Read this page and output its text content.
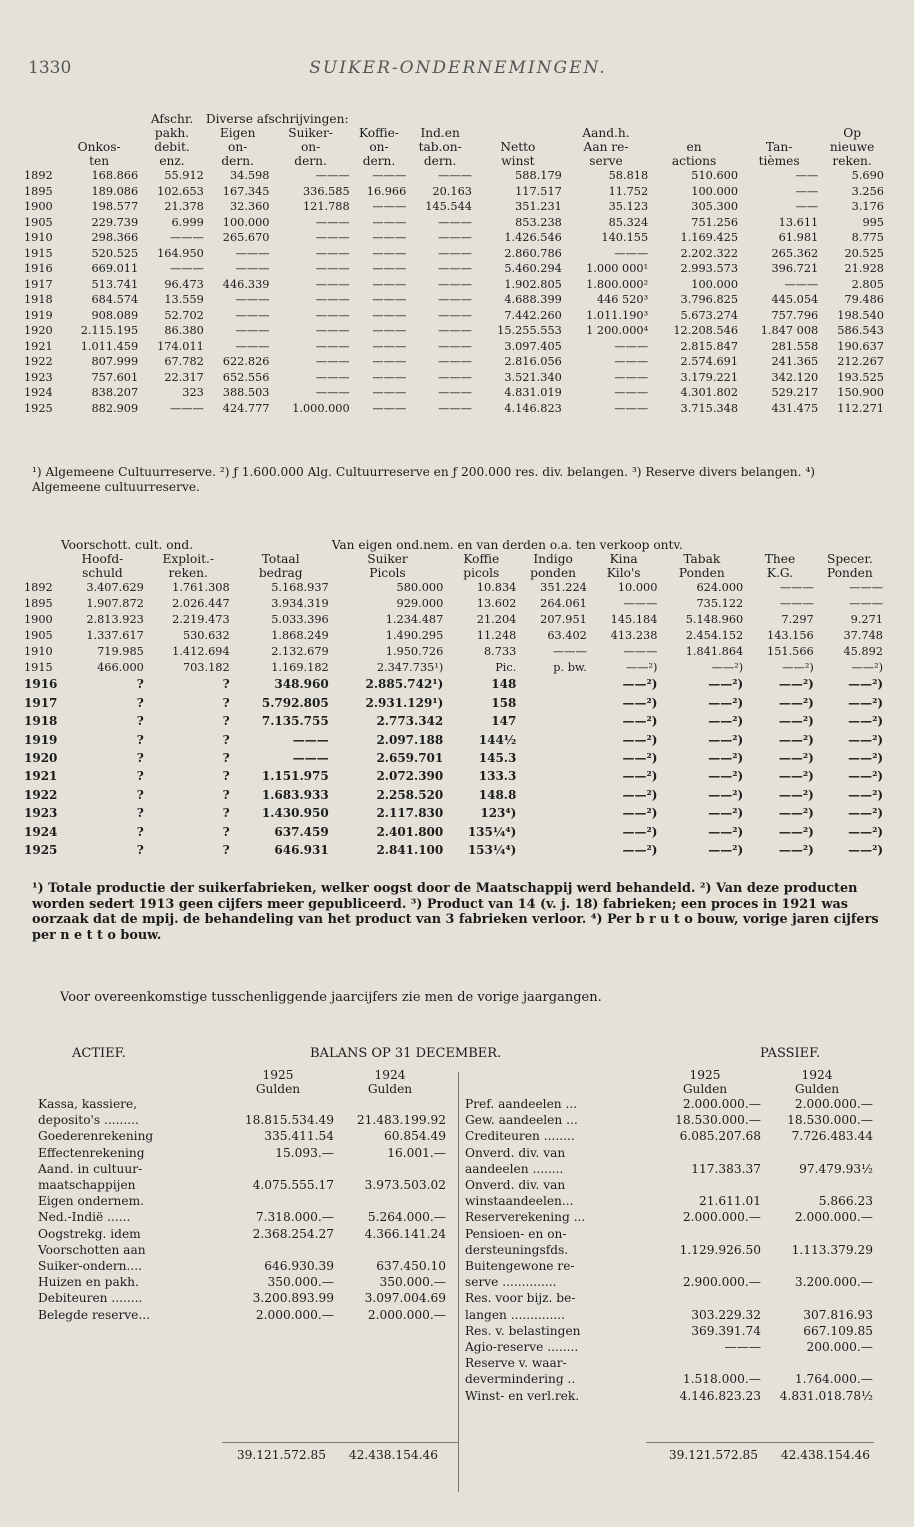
1330	SUIKER-ONDERNEMINGEN.
		Afschr.	Diverse afschrijvingen:								
		pakh.	Eigen	Suiker-	Koffie-	Ind.en		Aand.h.			Op
	Onkos-	debit.	on-	on-	on-	tab.on-	Netto	Aan re-	en	Tan-	nieuwe
	ten	enz.	dern.	dern.	dern.	dern.	winst	serve	actions	tièmes	reken.
1892	168.866	55.912	34.598	———	———	———	588.179	58.818	510.600	——	5.690
1895	189.086	102.653	167.345	336.585	16.966	20.163	117.517	11.752	100.000	——	3.256
1900	198.577	21.378	32.360	121.788	———	145.544	351.231	35.123	305.300	——	3.176
1905	229.739	6.999	100.000	———	———	———	853.238	85.324	751.256	13.611	995
1910	298.366	———	265.670	———	———	———	1.426.546	140.155	1.169.425	61.981	8.775
1915	520.525	164.950	———	———	———	———	2.860.786	———	2.202.322	265.362	20.525
1916	669.011	———	———	———	———	———	5.460.294	1.000 000¹	2.993.573	396.721	21.928
1917	513.741	96.473	446.339	———	———	———	1.902.805	1.800.000²	100.000	———	2.805
1918	684.574	13.559	———	———	———	———	4.688.399	446 520³	3.796.825	445.054	79.486
1919	908.089	52.702	———	———	———	———	7.442.260	1.011.190³	5.673.274	757.796	198.540
1920	2.115.195	86.380	———	———	———	———	15.255.553	1 200.000⁴	12.208.546	1.847 008	586.543
1921	1.011.459	174.011	———	———	———	———	3.097.405	———	2.815.847	281.558	190.637
1922	807.999	67.782	622.826	———	———	———	2.816.056	———	2.574.691	241.365	212.267
1923	757.601	22.317	652.556	———	———	———	3.521.340	———	3.179.221	342.120	193.525
1924	838.207	323	388.503	———	———	———	4.831.019	———	4.301.802	529.217	150.900
1925	882.909	———	424.777	1.000.000	———	———	4.146.823	———	3.715.348	431.475	112.271
¹) Algemeene Cultuurreserve. ²) ƒ 1.600.000 Alg. Cultuurreserve en ƒ 200.000 res. div. belangen. ³) Reserve divers belangen. ⁴) Algemeene cultuurreserve.
	Voorschott. cult. ond.			Van eigen ond.nem. en van derden o.a. ten verkoop ontv.					
	Hoofd-	Exploit.-	Totaal	Suiker	Koffie	Indigo	Kina	Tabak	Thee	Specer.
	schuld	reken.	bedrag	Picols	picols	ponden	Kilo's	Ponden	K.G.	Ponden
1892	3.407.629	1.761.308	5.168.937	580.000	10.834	351.224	10.000	624.000	———	———
1895	1.907.872	2.026.447	3.934.319	929.000	13.602	264.061	———	735.122	———	———
1900	2.813.923	2.219.473	5.033.396	1.234.487	21.204	207.951	145.184	5.148.960	7.297	9.271
1905	1.337.617	530.632	1.868.249	1.490.295	11.248	63.402	413.238	2.454.152	143.156	37.748
1910	719.985	1.412.694	2.132.679	1.950.726	8.733	———	———	1.841.864	151.566	45.892
1915	466.000	703.182	1.169.182	2.347.735¹)	Pic.	p. bw.	——²)	——²)	——²)	——²)
1916	?	?	348.960	2.885.742¹)	148		——²)	——²)	——²)	——²)
1917	?	?	5.792.805	2.931.129¹)	158		——²)	——²)	——²)	——²)
1918	?	?	7.135.755	2.773.342	147		——²)	——²)	——²)	——²)
1919	?	?	———	2.097.188	144½		——²)	——²)	——²)	——²)
1920	?	?	———	2.659.701	145.3		——²)	——²)	——²)	——²)
1921	?	?	1.151.975	2.072.390	133.3		——²)	——²)	——²)	——²)
1922	?	?	1.683.933	2.258.520	148.8		——²)	——²)	——²)	——²)
1923	?	?	1.430.950	2.117.830	123⁴)		——²)	——²)	——²)	——²)
1924	?	?	637.459	2.401.800	135¼⁴)		——²)	——²)	——²)	——²)
1925	?	?	646.931	2.841.100	153¼⁴)		——²)	——²)	——²)	——²)
¹) Totale productie der suikerfabrieken, welker oogst door de Maatschappij werd behandeld. ²) Van deze producten worden sedert 1913 geen cijfers meer gepubliceerd. ³) Product van 14 (v. j. 18) fabrieken; een proces in 1921 was oorzaak dat de mpij. de behandeling van het product van 3 fabrieken verloor. ⁴) Per b r u t o bouw, vorige jaren cijfers per n e t t o bouw.
Voor overeenkomstige tusschenliggende jaarcijfers zie men de vorige jaargangen.
ACTIEF.	BALANS OP 31 DECEMBER.	PASSIEF.
	1925	1924
	Gulden	Gulden
Kassa, kassiere,		
deposito's .........	18.815.534.49	21.483.199.92
Goederenrekening	335.411.54	60.854.49
Effectenrekening	15.093.—	16.001.—
Aand. in cultuur-		
maatschappijen	4.075.555.17	3.973.503.02
Eigen ondernem.		
Ned.-Indië ......	7.318.000.—	5.264.000.—
Oogstrekg. idem	2.368.254.27	4.366.141.24
Voorschotten aan		
Suiker-ondern....	646.930.39	637.450.10
Huizen en pakh.	350.000.—	350.000.—
Debiteuren ........	3.200.893.99	3.097.004.69
Belegde reserve...	2.000.000.—	2.000.000.—
	1925	1924
	Gulden	Gulden
Pref. aandeelen ...	2.000.000.—	2.000.000.—
Gew. aandeelen ...	18.530.000.—	18.530.000.—
Crediteuren ........	6.085.207.68	7.726.483.44
Onverd. div. van		
aandeelen ........	117.383.37	97.479.93½
Onverd. div. van		
winstaandeelen...	21.611.01	5.866.23
Reserverekening ...	2.000.000.—	2.000.000.—
Pensioen- en on-		
dersteuningsfds.	1.129.926.50	1.113.379.29
Buitengewone re-		
serve ..............	2.900.000.—	3.200.000.—
Res. voor bijz. be-		
langen ..............	303.229.32	307.816.93
Res. v. belastingen	369.391.74	667.109.85
Agio-reserve ........	———	200.000.—
Reserve v. waar-		
devermindering ..	1.518.000.—	1.764.000.—
Winst- en verl.rek.	4.146.823.23	4.831.018.78½
39.121.572.85	42.438.154.46	39.121.572.85	42.438.154.46
